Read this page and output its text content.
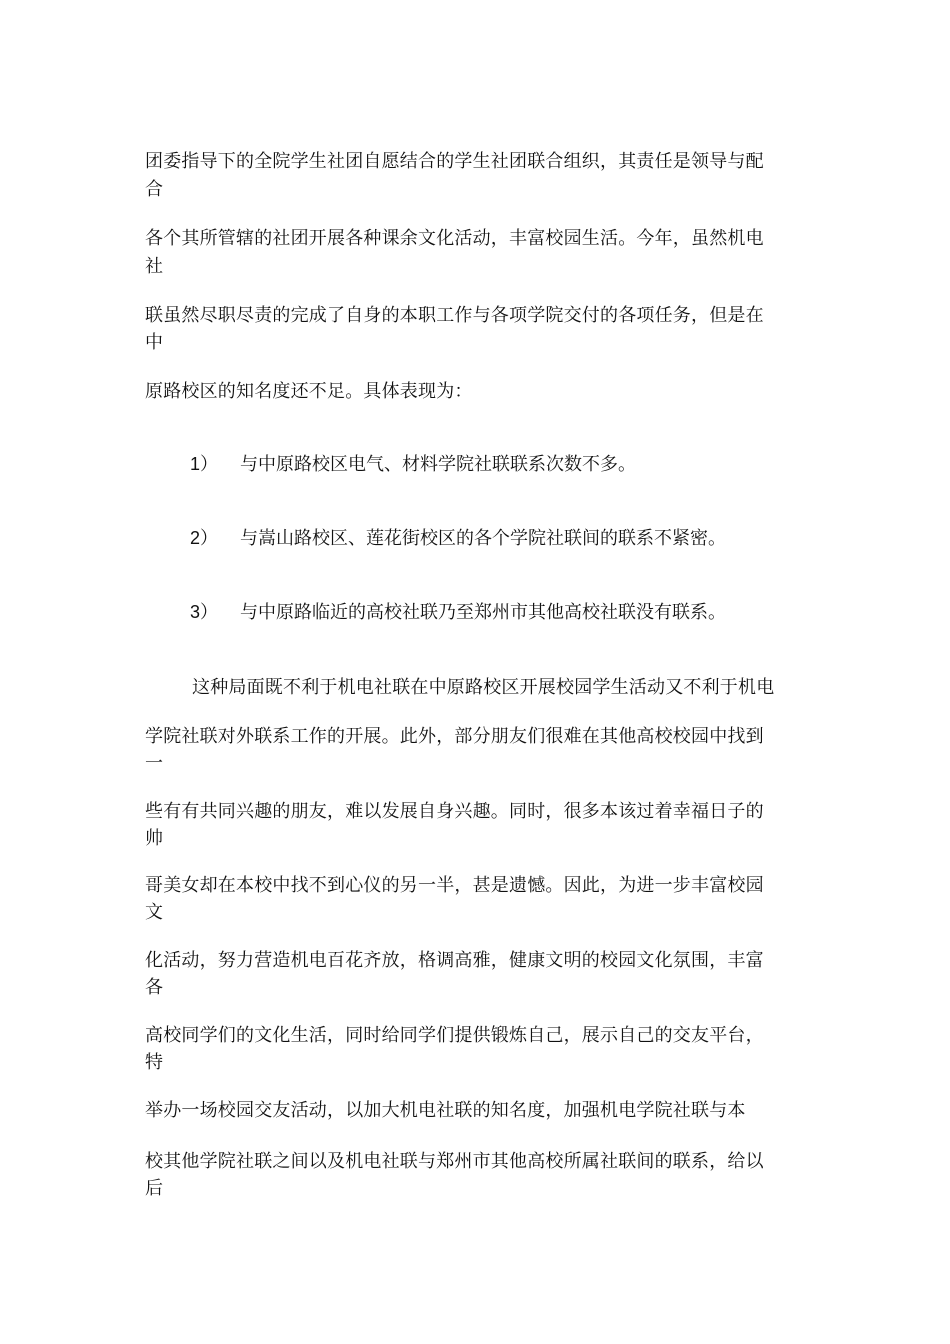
团委指导下的全院学生社团自愿结合的学生社团联合组织，其责任是领导与配
合
各个其所管辖的社团开展各种课余文化活动，丰富校园生活。今年，虽然机电
社
联虽然尽职尽责的完成了自身的本职工作与各项学院交付的各项任务，但是在
中
原路校区的知名度还不足。具体表现为：
1） 与中原路校区电气、材料学院社联联系次数不多。
2） 与嵩山路校区、莲花街校区的各个学院社联间的联系不紧密。
3） 与中原路临近的高校社联乃至郑州市其他高校社联没有联系。
这种局面既不利于机电社联在中原路校区开展校园学生活动又不利于机电
学院社联对外联系工作的开展。此外，部分朋友们很难在其他高校校园中找到
一
些有有共同兴趣的朋友，难以发展自身兴趣。同时，很多本该过着幸福日子的
帅
哥美女却在本校中找不到心仪的另一半，甚是遗憾。因此，为进一步丰富校园
文
化活动，努力营造机电百花齐放，格调高雅，健康文明的校园文化氛围，丰富
各
高校同学们的文化生活，同时给同学们提供锻炼自己，展示自己的交友平台，
特
举办一场校园交友活动，以加大机电社联的知名度，加强机电学院社联与本
校其他学院社联之间以及机电社联与郑州市其他高校所属社联间的联系，给以
后
